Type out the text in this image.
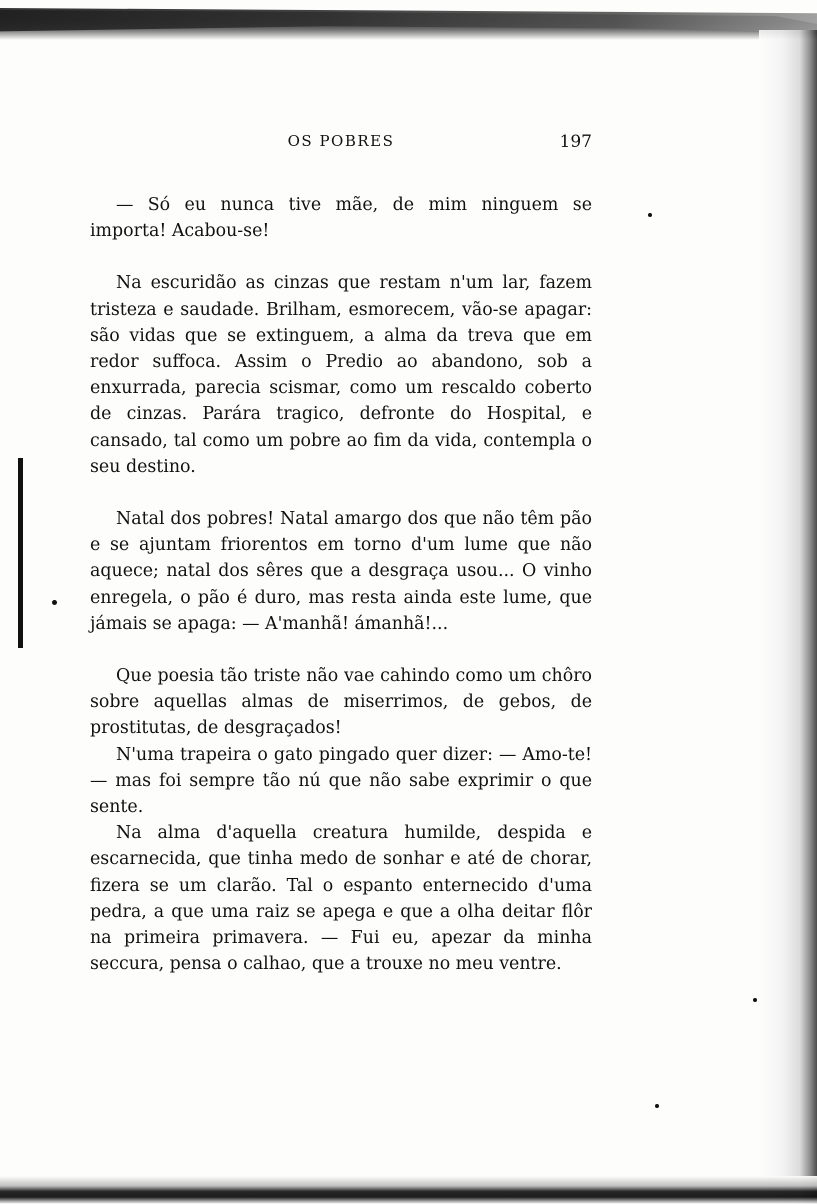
OS POBRES	197

— Só eu nunca tive mãe, de mim ninguem se importa! Acabou-se!

Na escuridão as cinzas que restam n'um lar, fazem tristeza e saudade. Brilham, esmorecem, vão-se apagar: são vidas que se extinguem, a alma da treva que em redor suffoca. Assim o Predio ao abandono, sob a enxurrada, parecia scismar, como um rescaldo coberto de cinzas. Parára tragico, defronte do Hospital, e cansado, tal como um pobre ao fim da vida, contempla o seu destino.

Natal dos pobres! Natal amargo dos que não têm pão e se ajuntam friorentos em torno d'um lume que não aquece; natal dos sêres que a desgraça usou... O vinho enregela, o pão é duro, mas resta ainda este lume, que jámais se apaga: — A'manhã! ámanhã!...

Que poesia tão triste não vae cahindo como um chôro sobre aquellas almas de miserrimos, de gebos, de prostitutas, de desgraçados!

N'uma trapeira o gato pingado quer dizer: — Amo-te! — mas foi sempre tão nú que não sabe exprimir o que sente.

Na alma d'aquella creatura humilde, despida e escarnecida, que tinha medo de sonhar e até de chorar, fizera se um clarão. Tal o espanto enternecido d'uma pedra, a que uma raiz se apega e que a olha deitar flôr na primeira primavera. — Fui eu, apezar da minha seccura, pensa o calhao, que a trouxe no meu ventre.
